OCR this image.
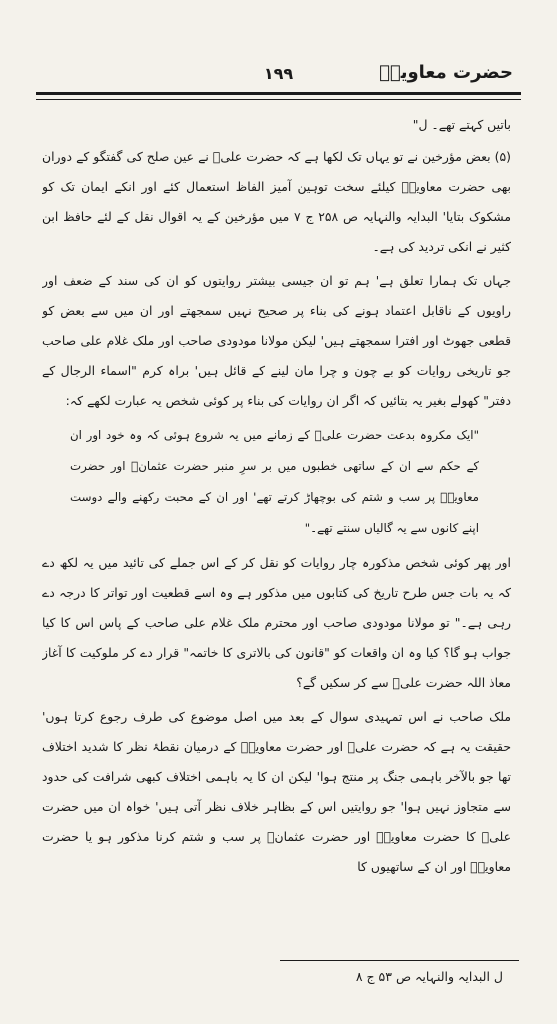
حضرت معاویہؓ
۱۹۹

باتیں کہتے تھے۔ ل"

(۵) بعض مؤرخین نے تو یہاں تک لکھا ہے کہ حضرت علیؓ نے عین صلح کی گفتگو کے دوران بھی حضرت معاویہؓ کیلئے سخت توہین آمیز الفاظ استعمال کئے اور انکے ایمان تک کو مشکوک بتایا' البدایہ والنہایہ ص ۲۵۸ ج ۷ میں مؤرخین کے یہ اقوال نقل کے لئے حافظ ابن کثیر نے انکی تردید کی ہے۔

جہاں تک ہمارا تعلق ہے' ہم تو ان جیسی بیشتر روایتوں کو ان کی سند کے ضعف اور راویوں کے ناقابل اعتماد ہونے کی بناء پر صحیح نہیں سمجھتے اور ان میں سے بعض کو قطعی جھوٹ اور افترا سمجھتے ہیں' لیکن مولانا مودودی صاحب اور ملک غلام علی صاحب جو تاریخی روایات کو بے چون و چرا مان لینے کے قائل ہیں' براہ کرم "اسماء الرجال کے دفتر" کھولے بغیر یہ بتائیں کہ اگر ان روایات کی بناء پر کوئی شخص یہ عبارت لکھے کہ:

"ایک مکروہ بدعت حضرت علیؓ کے زمانے میں یہ شروع ہوئی کہ وہ خود اور ان کے حکم سے ان کے ساتھی خطبوں میں بر سرِ منبر حضرت عثمانؓ اور حضرت معاویہؓ پر سب و شتم کی بوچھاڑ کرتے تھے' اور ان کے محبت رکھنے والے دوست اپنے کانوں سے یہ گالیاں سنتے تھے۔"

اور پھر کوئی شخص مذکورہ چار روایات کو نقل کر کے اس جملے کی تائید میں یہ لکھ دے کہ یہ بات جس طرح تاریخ کی کتابوں میں مذکور ہے وہ اسے قطعیت اور تواتر کا درجہ دے رہی ہے۔" تو مولانا مودودی صاحب اور محترم ملک غلام علی صاحب کے پاس اس کا کیا جواب ہو گا؟ کیا وہ ان واقعات کو "قانون کی بالاتری کا خاتمہ" قرار دے کر ملوکیت کا آغاز معاذ اللہ حضرت علیؓ سے کر سکیں گے؟

ملک صاحب نے اس تمہیدی سوال کے بعد میں اصل موضوع کی طرف رجوع کرتا ہوں' حقیقت یہ ہے کہ حضرت علیؓ اور حضرت معاویہؓ کے درمیان نقطۂ نظر کا شدید اختلاف تھا جو بالآخر باہمی جنگ پر منتج ہوا' لیکن ان کا یہ باہمی اختلاف کبھی شرافت کی حدود سے متجاوز نہیں ہوا' جو روایتیں اس کے بظاہر خلاف نظر آتی ہیں' خواہ ان میں حضرت علیؓ کا حضرت معاویہؓ اور حضرت عثمانؓ پر سب و شتم کرنا مذکور ہو یا حضرت معاویہؓ اور ان کے ساتھیوں کا

ل البدایہ والنہایہ ص ۵۳ ج ۸
